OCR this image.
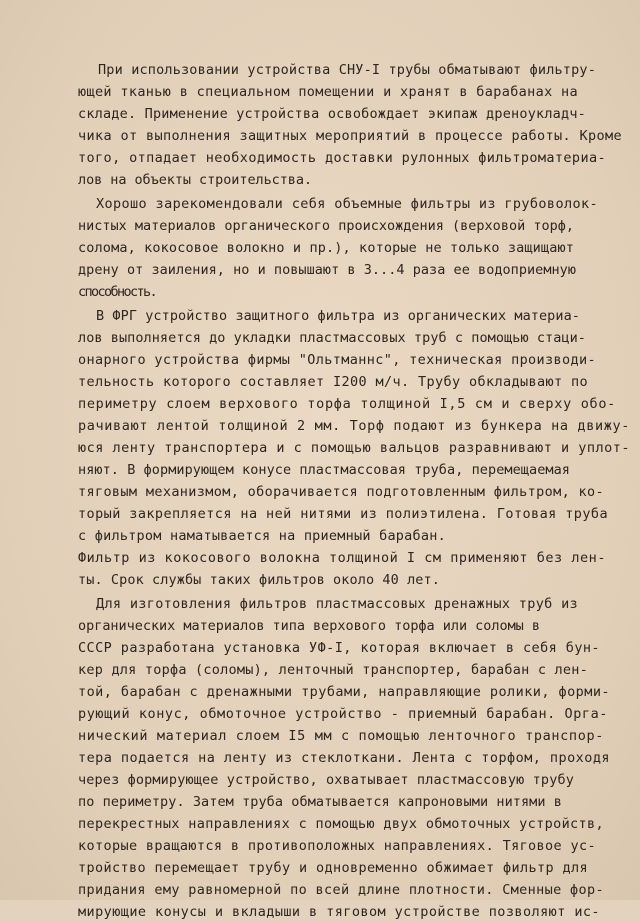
При использовании устройства СНУ-I трубы обматывают фильтру-
ющей тканью в специальном помещении и хранят в барабанах на
складе. Применение устройства освобождает экипаж дреноукладч-
чика от выполнения защитных мероприятий в процессе работы. Кроме
того, отпадает необходимость доставки рулонных фильтроматериа-
лов на объекты строительства.
Хорошо зарекомендовали себя объемные фильтры из грубоволок-
нистых материалов органического происхождения (верховой торф,
солома, кокосовое волокно и пр.), которые не только защищают
дрену от заиления, но и повышают в 3...4 раза ее водоприемную
способность.
В ФРГ устройство защитного фильтра из органических материа-
лов выполняется до укладки пластмассовых труб с помощью стаци-
онарного устройства фирмы "Ольтманнс", техническая производи-
тельность которого составляет I200 м/ч. Трубу обкладывают по
периметру слоем верхового торфа толщиной I,5 см и сверху обо-
рачивают лентой толщиной 2 мм. Торф подают из бункера на движу-
юся ленту транспортера и с помощью вальцов разравнивают и уплот-
няют. В формирующем конусе пластмассовая труба, перемещаемая
тяговым механизмом, оборачивается подготовленным фильтром, ко-
торый закрепляется на ней нитями из полиэтилена. Готовая труба
с фильтром наматывается на приемный барабан.
Фильтр из кокосового волокна толщиной I см применяют без лен-
ты. Срок службы таких фильтров около 40 лет.
Для изготовления фильтров пластмассовых дренажных труб из
органических материалов типа верхового торфа или соломы в
СССР разработана установка УФ-I, которая включает в себя бун-
кер для торфа (соломы), ленточный транспортер, барабан с лен-
той, барабан с дренажными трубами, направляющие ролики, форми-
рующий конус, обмоточное устройство - приемный барабан. Орга-
нический материал слоем I5 мм с помощью ленточного транспор-
тера подается на ленту из стеклоткани. Лента с торфом, проходя
через формирующее устройство, охватывает пластмассовую трубу
по периметру. Затем труба обматывается капроновыми нитями в
перекрестных направлениях с помощью двух обмоточных устройств,
которые вращаются в противоположных направлениях. Тяговое ус-
тройство перемещает трубу и одновременно обжимает фильтр для
придания ему равномерной по всей длине плотности. Сменные фор-
мирующие конусы и вкладыши в тяговом устройстве позволяют ис-
